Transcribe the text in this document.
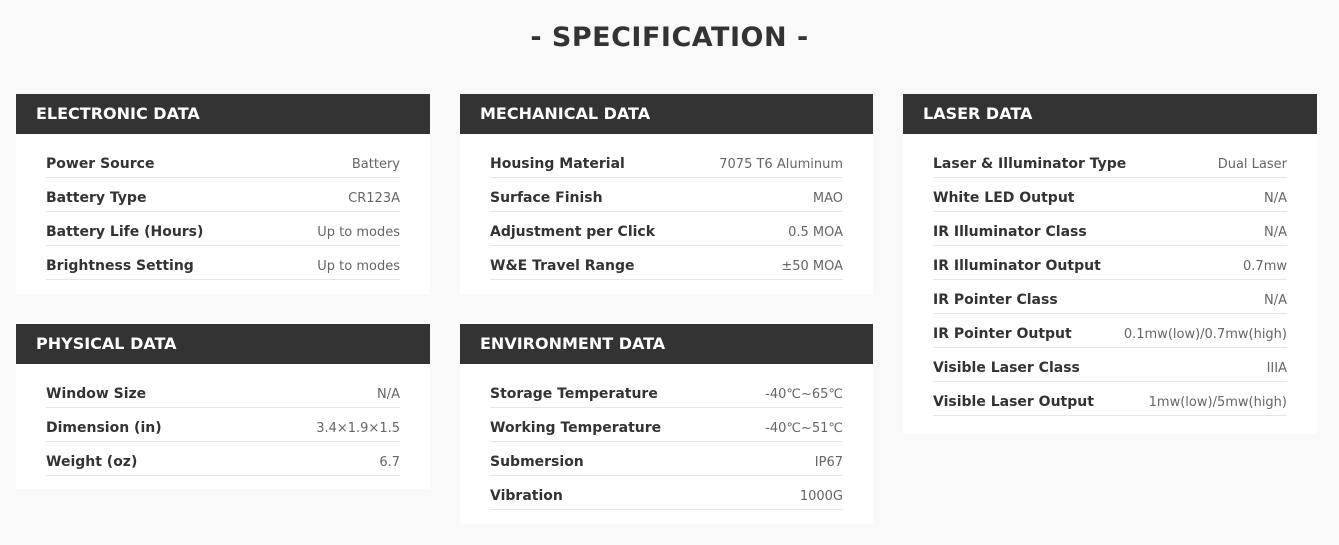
- SPECIFICATION -
ELECTRONIC DATA
Power Source	Battery
Battery Type	CR123A
Battery Life (Hours)	Up to modes
Brightness Setting	Up to modes
MECHANICAL DATA
Housing Material	7075 T6 Aluminum
Surface Finish	MAO
Adjustment per Click	0.5 MOA
W&E Travel Range	±50 MOA
LASER DATA
Laser & Illuminator Type	Dual Laser
White LED Output	N/A
IR Illuminator Class	N/A
IR Illuminator Output	0.7mw
IR Pointer Class	N/A
IR Pointer Output	0.1mw(low)/0.7mw(high)
Visible Laser Class	IIIA
Visible Laser Output	1mw(low)/5mw(high)
PHYSICAL DATA
Window Size	N/A
Dimension (in)	3.4×1.9×1.5
Weight (oz)	6.7
ENVIRONMENT DATA
Storage Temperature	-40℃~65℃
Working Temperature	-40℃~51℃
Submersion	IP67
Vibration	1000G
